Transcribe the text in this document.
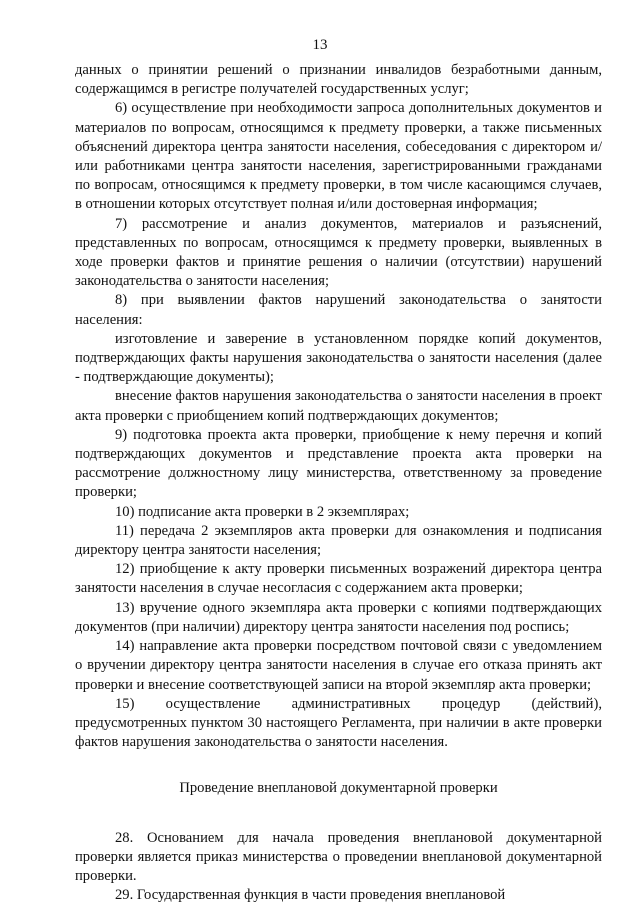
13

данных о принятии решений о признании инвалидов безработными данным, содержащимся в регистре получателей государственных услуг;

6) осуществление при необходимости запроса дополнительных документов и материалов по вопросам, относящимся к предмету проверки, а также письменных объяснений директора центра занятости населения, собеседования с директором и/или работниками центра занятости населения, зарегистрированными гражданами по вопросам, относящимся к предмету проверки, в том числе касающимся случаев, в отношении которых отсутствует полная и/или достоверная информация;

7) рассмотрение и анализ документов, материалов и разъяснений, представленных по вопросам, относящимся к предмету проверки, выявленных в ходе проверки фактов и принятие решения о наличии (отсутствии) нарушений законодательства о занятости населения;

8) при выявлении фактов нарушений законодательства о занятости населения:

изготовление и заверение в установленном порядке копий документов, подтверждающих факты нарушения законодательства о занятости населения (далее - подтверждающие документы);

внесение фактов нарушения законодательства о занятости населения в проект акта проверки с приобщением копий подтверждающих документов;

9) подготовка проекта акта проверки, приобщение к нему перечня и копий подтверждающих документов и представление проекта акта проверки на рассмотрение должностному лицу министерства, ответственному за проведение проверки;

10) подписание акта проверки в 2 экземплярах;

11) передача 2 экземпляров акта проверки для ознакомления и подписания директору центра занятости населения;

12) приобщение к акту проверки письменных возражений директора центра занятости населения в случае несогласия с содержанием акта проверки;

13) вручение одного экземпляра акта проверки с копиями подтверждающих документов (при наличии) директору центра занятости населения под роспись;

14) направление акта проверки посредством почтовой связи с уведомлением о вручении директору центра занятости населения в случае его отказа принять акт проверки и внесение соответствующей записи на второй экземпляр акта проверки;

15) осуществление административных процедур (действий), предусмотренных пунктом 30 настоящего Регламента, при наличии в акте проверки фактов нарушения законодательства о занятости населения.

Проведение внеплановой документарной проверки

28. Основанием для начала проведения внеплановой документарной проверки является приказ министерства о проведении внеплановой документарной проверки.

29. Государственная функция в части проведения внеплановой
